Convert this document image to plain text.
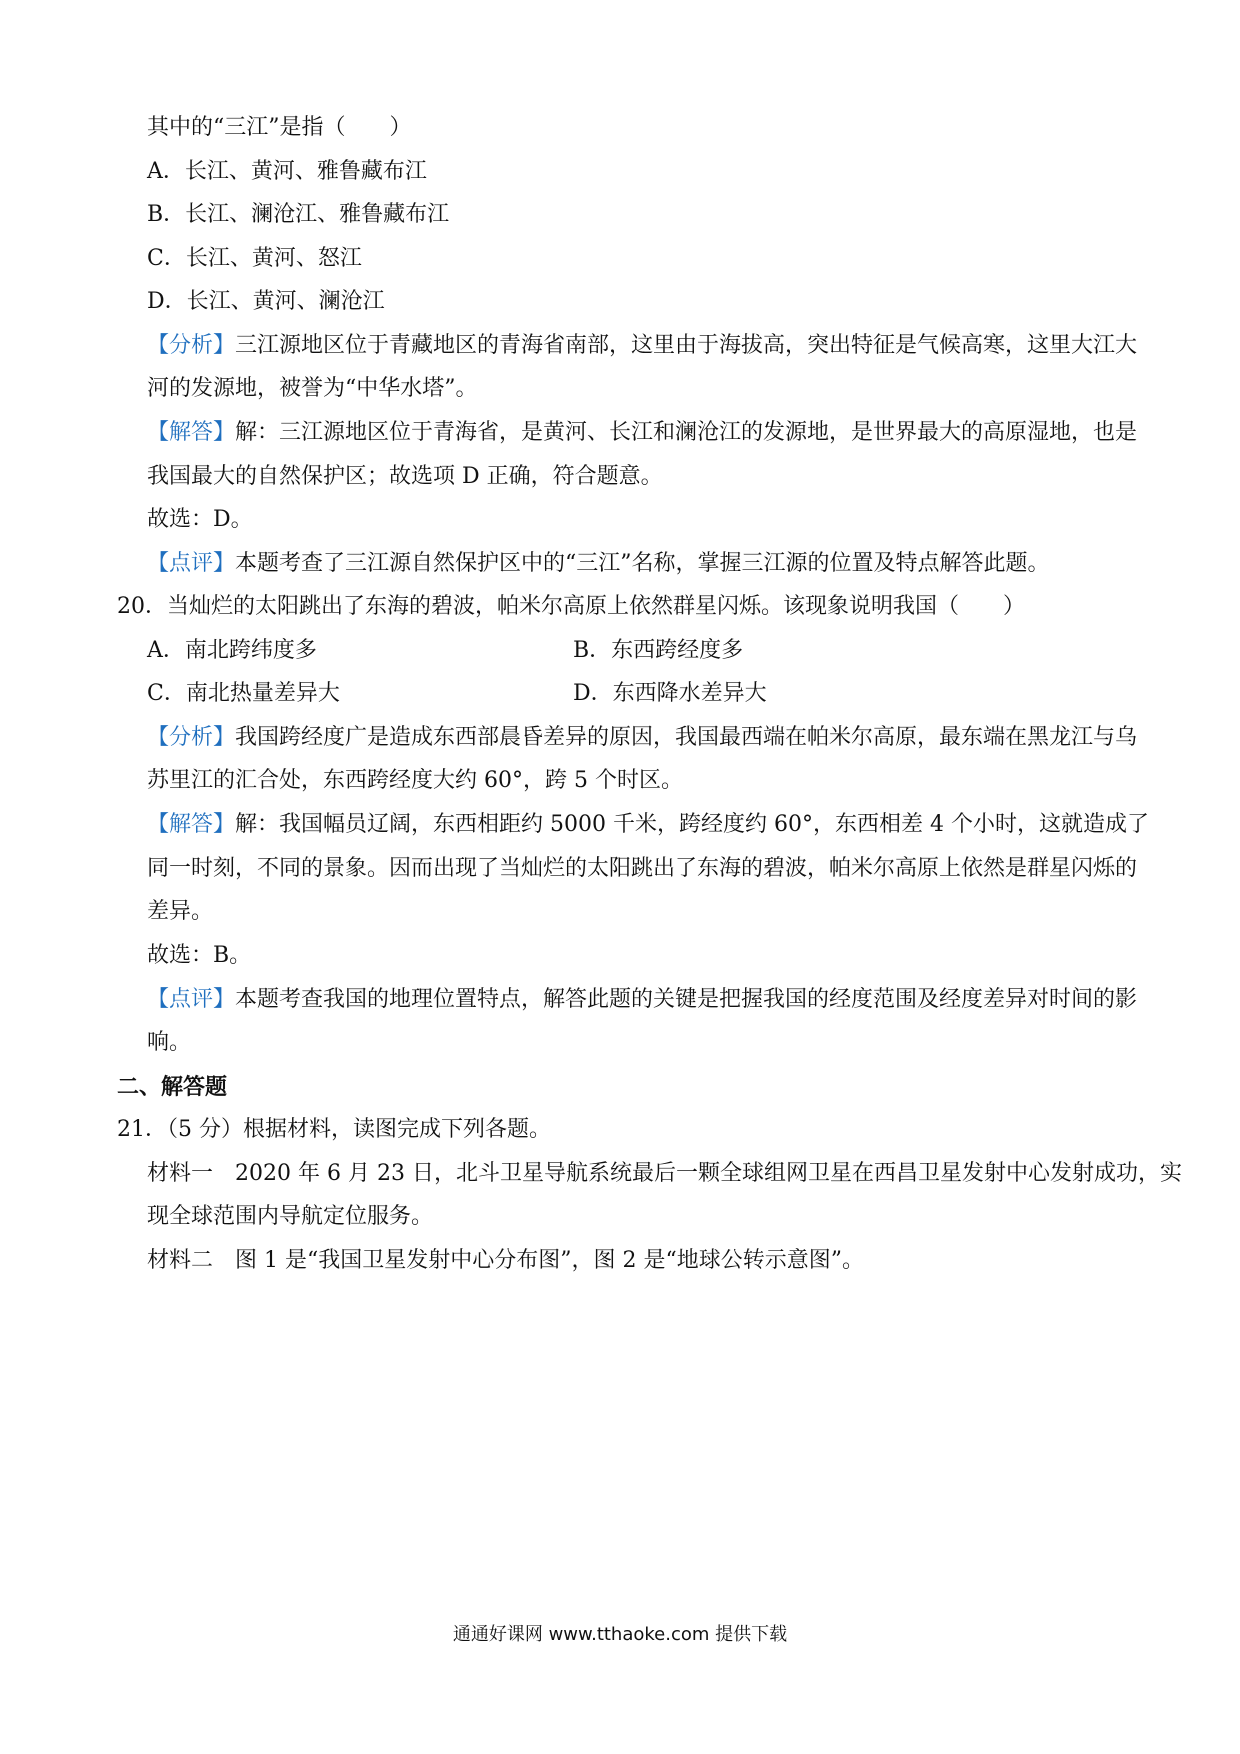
其中的“三江”是指（　　）
A．长江、黄河、雅鲁藏布江
B．长江、澜沧江、雅鲁藏布江
C．长江、黄河、怒江
D．长江、黄河、澜沧江
【分析】三江源地区位于青藏地区的青海省南部，这里由于海拔高，突出特征是气候高寒，这里大江大
河的发源地，被誉为“中华水塔”。
【解答】解：三江源地区位于青海省，是黄河、长江和澜沧江的发源地，是世界最大的高原湿地，也是
我国最大的自然保护区；故选项 D 正确，符合题意。
故选：D。
【点评】本题考查了三江源自然保护区中的“三江”名称，掌握三江源的位置及特点解答此题。
20．当灿烂的太阳跳出了东海的碧波，帕米尔高原上依然群星闪烁。该现象说明我国（　　）
A．南北跨纬度多	B．东西跨经度多
C．南北热量差异大	D．东西降水差异大
【分析】我国跨经度广是造成东西部晨昏差异的原因，我国最西端在帕米尔高原，最东端在黑龙江与乌
苏里江的汇合处，东西跨经度大约 60°，跨 5 个时区。
【解答】解：我国幅员辽阔，东西相距约 5000 千米，跨经度约 60°，东西相差 4 个小时，这就造成了
同一时刻，不同的景象。因而出现了当灿烂的太阳跳出了东海的碧波，帕米尔高原上依然是群星闪烁的
差异。
故选：B。
【点评】本题考查我国的地理位置特点，解答此题的关键是把握我国的经度范围及经度差异对时间的影
响。
二、解答题
21．（5 分）根据材料，读图完成下列各题。
材料一　2020 年 6 月 23 日，北斗卫星导航系统最后一颗全球组网卫星在西昌卫星发射中心发射成功，实
现全球范围内导航定位服务。
材料二　图 1 是“我国卫星发射中心分布图”，图 2 是“地球公转示意图”。
通通好课网 www.tthaoke.com 提供下载
